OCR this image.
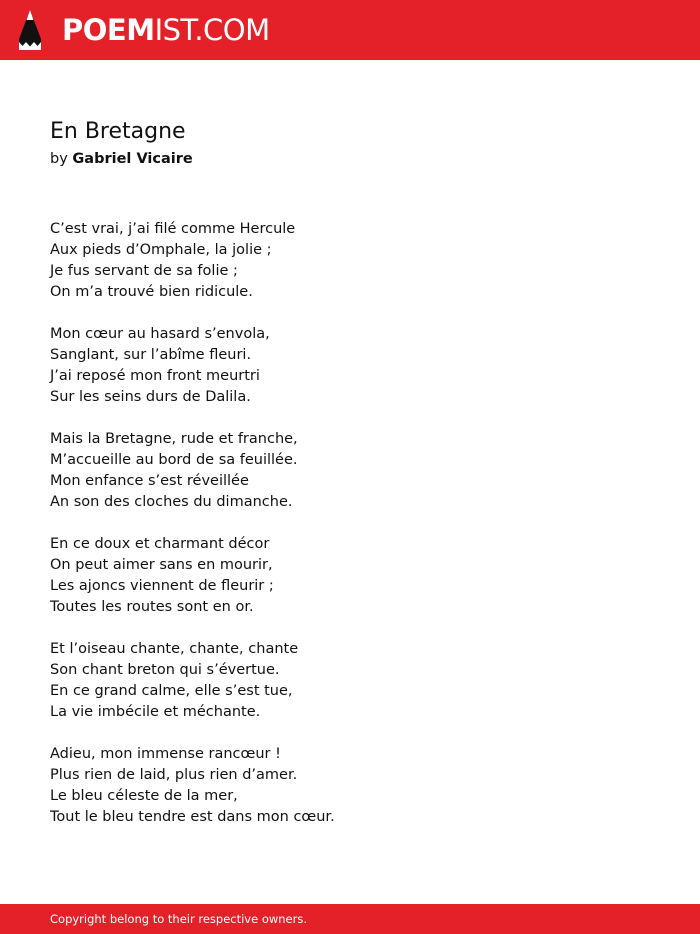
POEMIST.COM
En Bretagne
by Gabriel Vicaire
C’est vrai, j’ai filé comme Hercule
Aux pieds d’Omphale, la jolie ;
Je fus servant de sa folie ;
On m’a trouvé bien ridicule.
Mon cœur au hasard s’envola,
Sanglant, sur l’abîme fleuri.
J’ai reposé mon front meurtri
Sur les seins durs de Dalila.
Mais la Bretagne, rude et franche,
M’accueille au bord de sa feuillée.
Mon enfance s’est réveillée
An son des cloches du dimanche.
En ce doux et charmant décor
On peut aimer sans en mourir,
Les ajoncs viennent de fleurir ;
Toutes les routes sont en or.
Et l’oiseau chante, chante, chante
Son chant breton qui s’évertue.
En ce grand calme, elle s’est tue,
La vie imbécile et méchante.
Adieu, mon immense rancœur !
Plus rien de laid, plus rien d’amer.
Le bleu céleste de la mer,
Tout le bleu tendre est dans mon cœur.
Copyright belong to their respective owners.
